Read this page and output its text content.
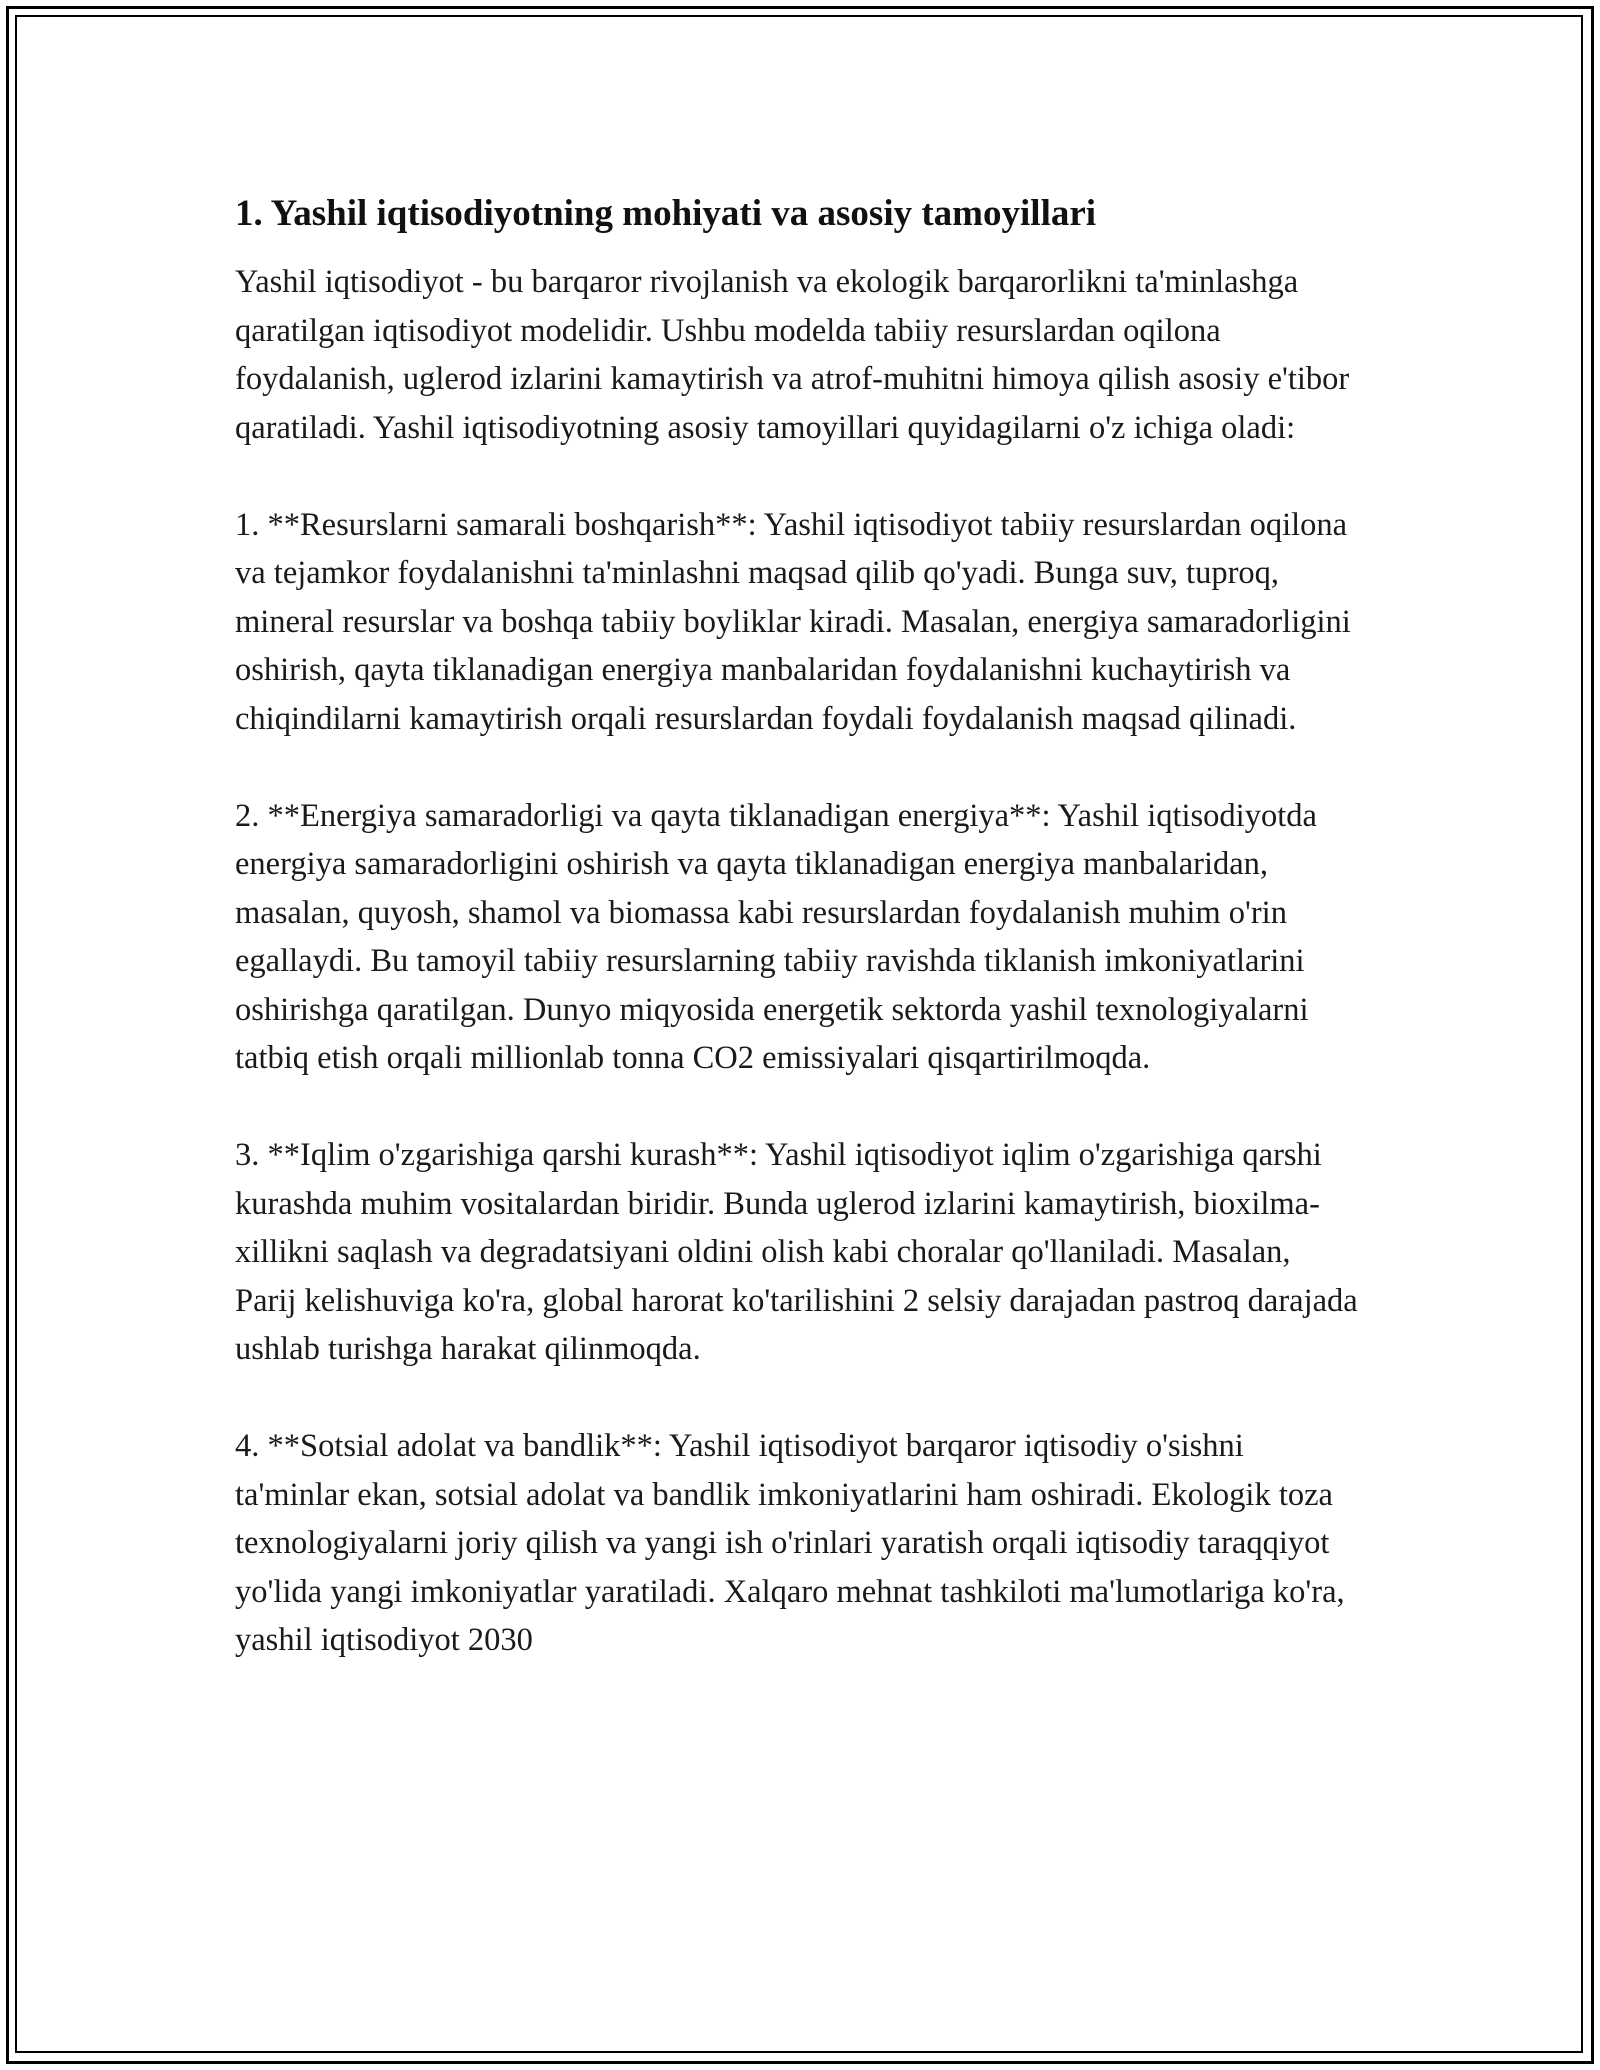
1. Yashil iqtisodiyotning mohiyati va asosiy tamoyillari

Yashil iqtisodiyot - bu barqaror rivojlanish va ekologik barqarorlikni ta'minlashga qaratilgan iqtisodiyot modelidir. Ushbu modelda tabiiy resurslardan oqilona foydalanish, uglerod izlarini kamaytirish va atrof-muhitni himoya qilish asosiy e'tibor qaratiladi. Yashil iqtisodiyotning asosiy tamoyillari quyidagilarni o'z ichiga oladi:

1. **Resurslarni samarali boshqarish**: Yashil iqtisodiyot tabiiy resurslardan oqilona va tejamkor foydalanishni ta'minlashni maqsad qilib qo'yadi. Bunga suv, tuproq, mineral resurslar va boshqa tabiiy boyliklar kiradi. Masalan, energiya samaradorligini oshirish, qayta tiklanadigan energiya manbalaridan foydalanishni kuchaytirish va chiqindilarni kamaytirish orqali resurslardan foydali foydalanish maqsad qilinadi.

2. **Energiya samaradorligi va qayta tiklanadigan energiya**: Yashil iqtisodiyotda energiya samaradorligini oshirish va qayta tiklanadigan energiya manbalaridan, masalan, quyosh, shamol va biomassa kabi resurslardan foydalanish muhim o'rin egallaydi. Bu tamoyil tabiiy resurslarning tabiiy ravishda tiklanish imkoniyatlarini oshirishga qaratilgan. Dunyo miqyosida energetik sektorda yashil texnologiyalarni tatbiq etish orqali millionlab tonna CO2 emissiyalari qisqartirilmoqda.

3. **Iqlim o'zgarishiga qarshi kurash**: Yashil iqtisodiyot iqlim o'zgarishiga qarshi kurashda muhim vositalardan biridir. Bunda uglerod izlarini kamaytirish, bioxilma-xillikni saqlash va degradatsiyani oldini olish kabi choralar qo'llaniladi. Masalan, Parij kelishuviga ko'ra, global harorat ko'tarilishini 2 selsiy darajadan pastroq darajada ushlab turishga harakat qilinmoqda.

4. **Sotsial adolat va bandlik**: Yashil iqtisodiyot barqaror iqtisodiy o'sishni ta'minlar ekan, sotsial adolat va bandlik imkoniyatlarini ham oshiradi. Ekologik toza texnologiyalarni joriy qilish va yangi ish o'rinlari yaratish orqali iqtisodiy taraqqiyot yo'lida yangi imkoniyatlar yaratiladi. Xalqaro mehnat tashkiloti ma'lumotlariga ko'ra, yashil iqtisodiyot 2030
